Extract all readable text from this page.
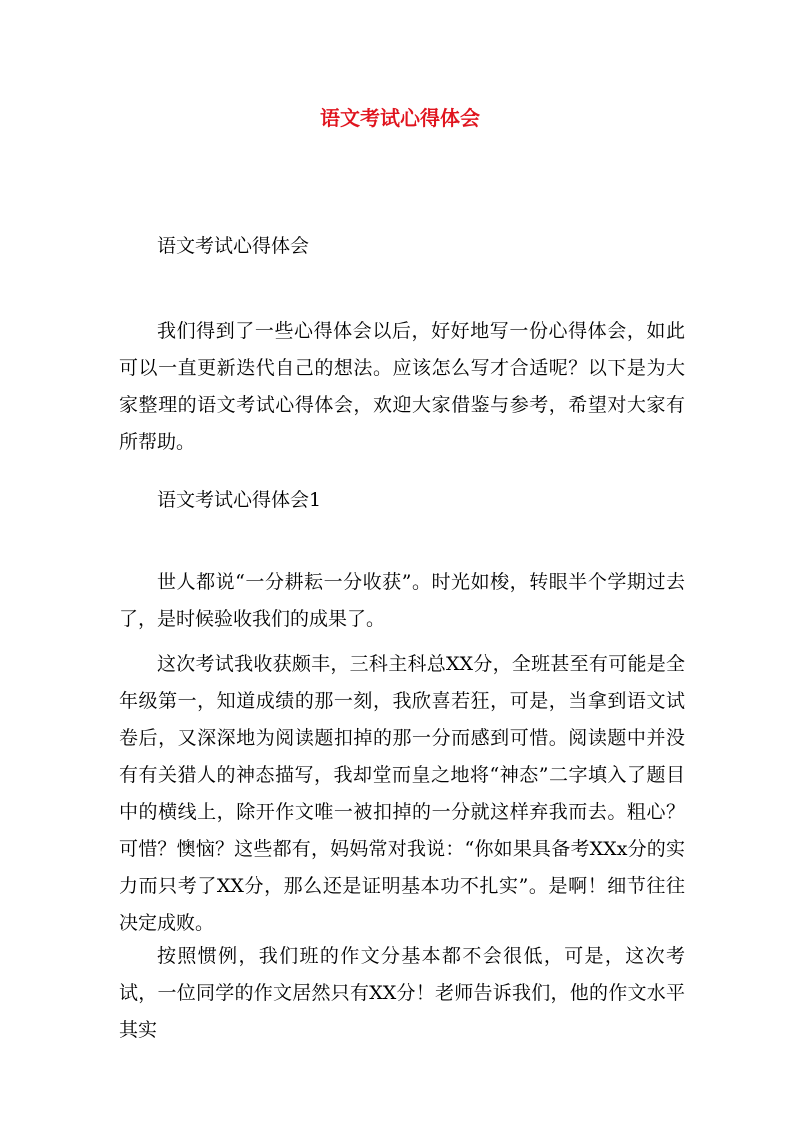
语文考试心得体会

语文考试心得体会

我们得到了一些心得体会以后，好好地写一份心得体会，如此可以一直更新迭代自己的想法。应该怎么写才合适呢？以下是为大家整理的语文考试心得体会，欢迎大家借鉴与参考，希望对大家有所帮助。

语文考试心得体会1

世人都说“一分耕耘一分收获”。时光如梭，转眼半个学期过去了，是时候验收我们的成果了。

这次考试我收获颇丰，三科主科总XX分，全班甚至有可能是全年级第一，知道成绩的那一刻，我欣喜若狂，可是，当拿到语文试卷后，又深深地为阅读题扣掉的那一分而感到可惜。阅读题中并没有有关猎人的神态描写，我却堂而皇之地将“神态”二字填入了题目中的横线上，除开作文唯一被扣掉的一分就这样弃我而去。粗心？可惜？懊恼？这些都有，妈妈常对我说：“你如果具备考XXx分的实力而只考了XX分，那么还是证明基本功不扎实”。是啊！细节往往决定成败。

按照惯例，我们班的作文分基本都不会很低，可是，这次考试，一位同学的作文居然只有XX分！老师告诉我们，他的作文水平其实
